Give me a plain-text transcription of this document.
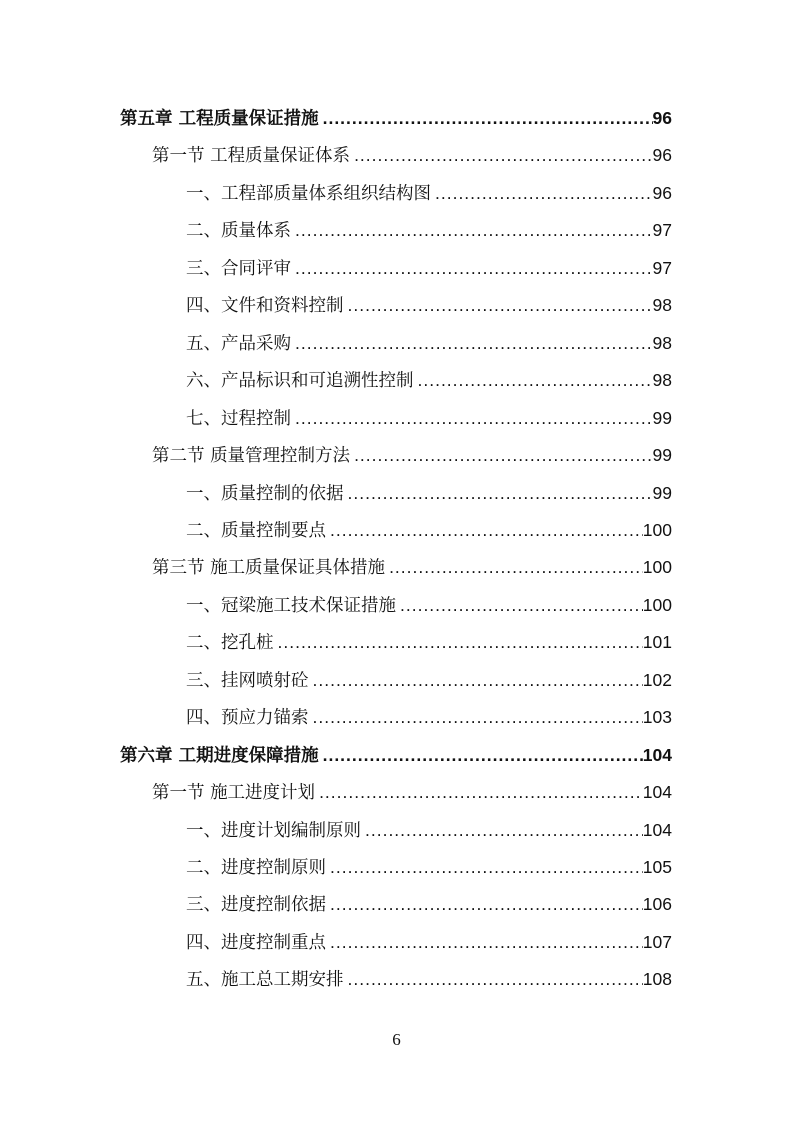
第五章 工程质量保证措施 .....	96
第一节 工程质量保证体系 .....	96
一、工程部质量体系组织结构图 .....	96
二、质量体系 .....	97
三、合同评审 .....	97
四、文件和资料控制 .....	98
五、产品采购 .....	98
六、产品标识和可追溯性控制 .....	98
七、过程控制 .....	99
第二节 质量管理控制方法 .....	99
一、质量控制的依据 .....	99
二、质量控制要点 .....	100
第三节 施工质量保证具体措施 .....	100
一、冠梁施工技术保证措施 .....	100
二、挖孔桩 .....	101
三、挂网喷射砼 .....	102
四、预应力锚索 .....	103
第六章 工期进度保障措施 .....	104
第一节 施工进度计划 .....	104
一、进度计划编制原则 .....	104
二、进度控制原则 .....	105
三、进度控制依据 .....	106
四、进度控制重点 .....	107
五、施工总工期安排 .....	108
6
